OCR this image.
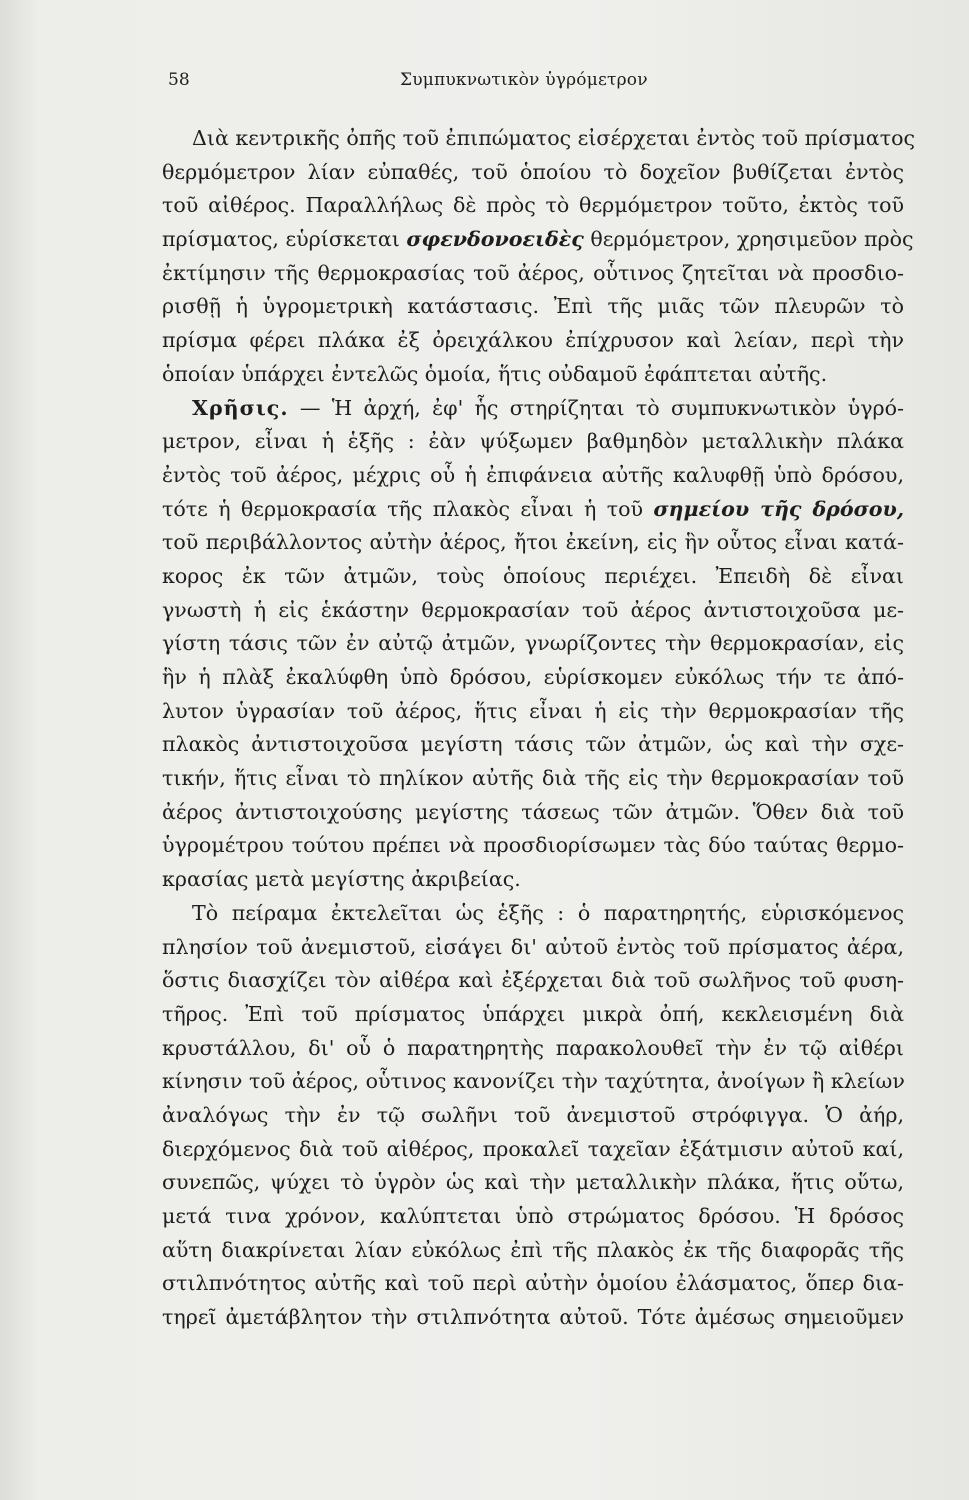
58	Συμπυκνωτικὸν ὑγρόμετρον
Διὰ κεντρικῆς ὀπῆς τοῦ ἐπιπώματος εἰσέρχεται ἐντὸς τοῦ πρίσματος
θερμόμετρον λίαν εὐπαθές, τοῦ ὁποίου τὸ δοχεῖον βυθίζεται ἐντὸς
τοῦ αἰθέρος. Παραλλήλως δὲ πρὸς τὸ θερμόμετρον τοῦτο, ἐκτὸς τοῦ
πρίσματος, εὑρίσκεται σφενδονοειδὲς θερμόμετρον, χρησιμεῦον πρὸς
ἐκτίμησιν τῆς θερμοκρασίας τοῦ ἀέρος, οὗτινος ζητεῖται νὰ προσδιο-
ρισθῇ ἡ ὑγρομετρικὴ κατάστασις. Ἐπὶ τῆς μιᾶς τῶν πλευρῶν τὸ
πρίσμα φέρει πλάκα ἐξ ὀρειχάλκου ἐπίχρυσον καὶ λείαν, περὶ τὴν
ὁποίαν ὑπάρχει ἐντελῶς ὁμοία, ἥτις οὐδαμοῦ ἐφάπτεται αὐτῆς.
Χρῆσις. — Ἡ ἀρχή, ἐφ' ἧς στηρίζηται τὸ συμπυκνωτικὸν ὑγρό-
μετρον, εἶναι ἡ ἑξῆς : ἐὰν ψύξωμεν βαθμηδὸν μεταλλικὴν πλάκα
ἐντὸς τοῦ ἀέρος, μέχρις οὗ ἡ ἐπιφάνεια αὐτῆς καλυφθῇ ὑπὸ δρόσου,
τότε ἡ θερμοκρασία τῆς πλακὸς εἶναι ἡ τοῦ σημείου τῆς δρόσου,
τοῦ περιβάλλοντος αὐτὴν ἀέρος, ἤτοι ἐκείνη, εἰς ἣν οὗτος εἶναι κατά-
κορος ἐκ τῶν ἀτμῶν, τοὺς ὁποίους περιέχει. Ἐπειδὴ δὲ εἶναι
γνωστὴ ἡ εἰς ἑκάστην θερμοκρασίαν τοῦ ἀέρος ἀντιστοιχοῦσα με-
γίστη τάσις τῶν ἐν αὐτῷ ἀτμῶν, γνωρίζοντες τὴν θερμοκρασίαν, εἰς
ἣν ἡ πλὰξ ἐκαλύφθη ὑπὸ δρόσου, εὑρίσκομεν εὐκόλως τήν τε ἀπό-
λυτον ὑγρασίαν τοῦ ἀέρος, ἥτις εἶναι ἡ εἰς τὴν θερμοκρασίαν τῆς
πλακὸς ἀντιστοιχοῦσα μεγίστη τάσις τῶν ἀτμῶν, ὡς καὶ τὴν σχε-
τικήν, ἥτις εἶναι τὸ πηλίκον αὐτῆς διὰ τῆς εἰς τὴν θερμοκρασίαν τοῦ
ἀέρος ἀντιστοιχούσης μεγίστης τάσεως τῶν ἀτμῶν. Ὅθεν διὰ τοῦ
ὑγρομέτρου τούτου πρέπει νὰ προσδιορίσωμεν τὰς δύο ταύτας θερμο-
κρασίας μετὰ μεγίστης ἀκριβείας.
Τὸ πείραμα ἐκτελεῖται ὡς ἑξῆς : ὁ παρατηρητής, εὑρισκόμενος
πλησίον τοῦ ἀνεμιστοῦ, εἰσάγει δι' αὐτοῦ ἐντὸς τοῦ πρίσματος ἀέρα,
ὅστις διασχίζει τὸν αἰθέρα καὶ ἐξέρχεται διὰ τοῦ σωλῆνος τοῦ φυση-
τῆρος. Ἐπὶ τοῦ πρίσματος ὑπάρχει μικρὰ ὀπή, κεκλεισμένη διὰ
κρυστάλλου, δι' οὗ ὁ παρατηρητὴς παρακολουθεῖ τὴν ἐν τῷ αἰθέρι
κίνησιν τοῦ ἀέρος, οὗτινος κανονίζει τὴν ταχύτητα, ἀνοίγων ἢ κλείων
ἀναλόγως τὴν ἐν τῷ σωλῆνι τοῦ ἀνεμιστοῦ στρόφιγγα. Ὁ ἀήρ,
διερχόμενος διὰ τοῦ αἰθέρος, προκαλεῖ ταχεῖαν ἐξάτμισιν αὐτοῦ καί,
συνεπῶς, ψύχει τὸ ὑγρὸν ὡς καὶ τὴν μεταλλικὴν πλάκα, ἥτις οὕτω,
μετά τινα χρόνον, καλύπτεται ὑπὸ στρώματος δρόσου. Ἡ δρόσος
αὕτη διακρίνεται λίαν εὐκόλως ἐπὶ τῆς πλακὸς ἐκ τῆς διαφορᾶς τῆς
στιλπνότητος αὐτῆς καὶ τοῦ περὶ αὐτὴν ὁμοίου ἐλάσματος, ὅπερ δια-
τηρεῖ ἀμετάβλητον τὴν στιλπνότητα αὐτοῦ. Τότε ἀμέσως σημειοῦμεν
